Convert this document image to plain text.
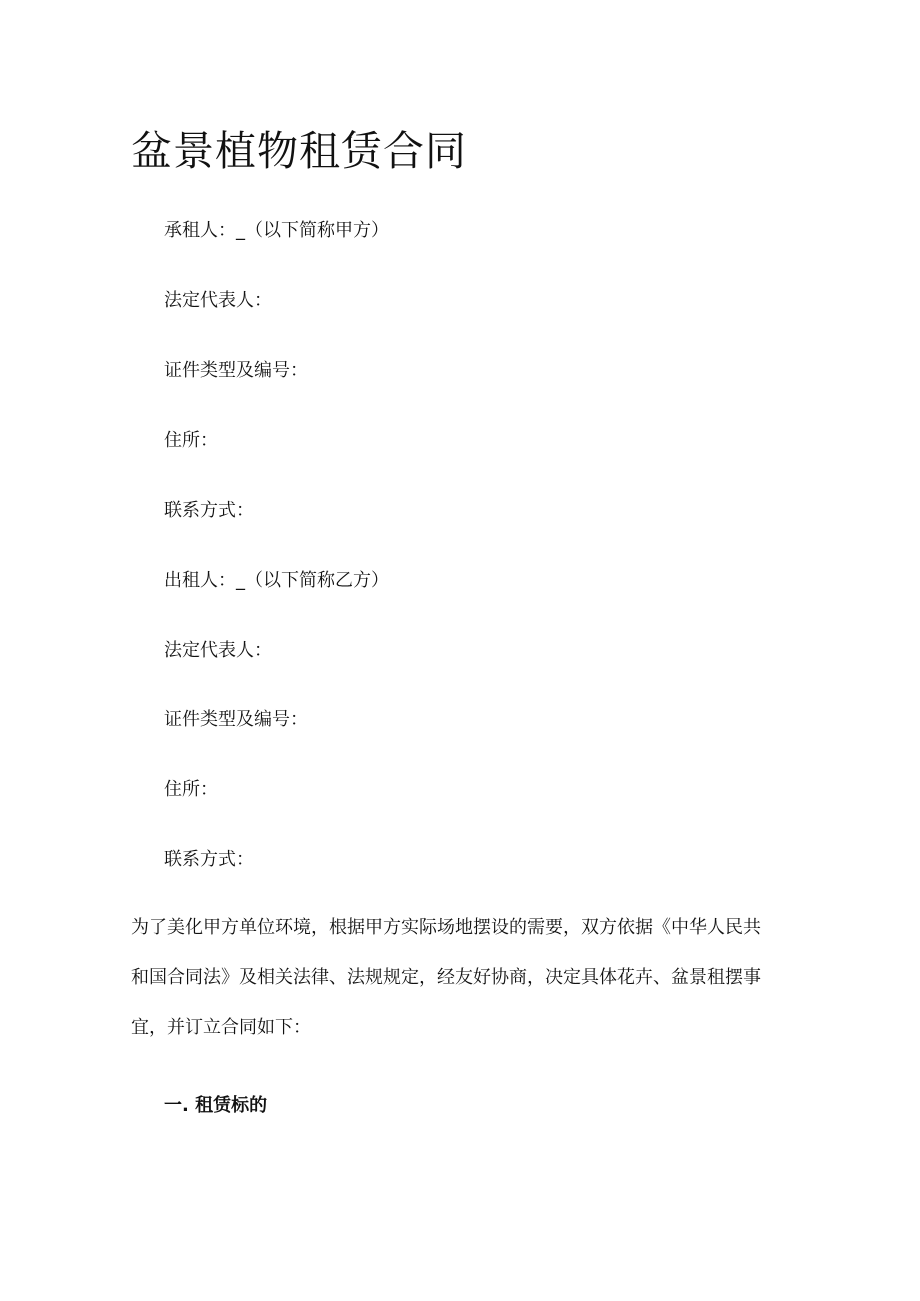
盆景植物租赁合同

承租人：_（以下简称甲方）

法定代表人：

证件类型及编号：

住所：

联系方式：

出租人：_（以下简称乙方）

法定代表人：

证件类型及编号：

住所：

联系方式：

为了美化甲方单位环境，根据甲方实际场地摆设的需要，双方依据《中华人民共

和国合同法》及相关法律、法规规定，经友好协商，决定具体花卉、盆景租摆事

宜，并订立合同如下：

一. 租赁标的
